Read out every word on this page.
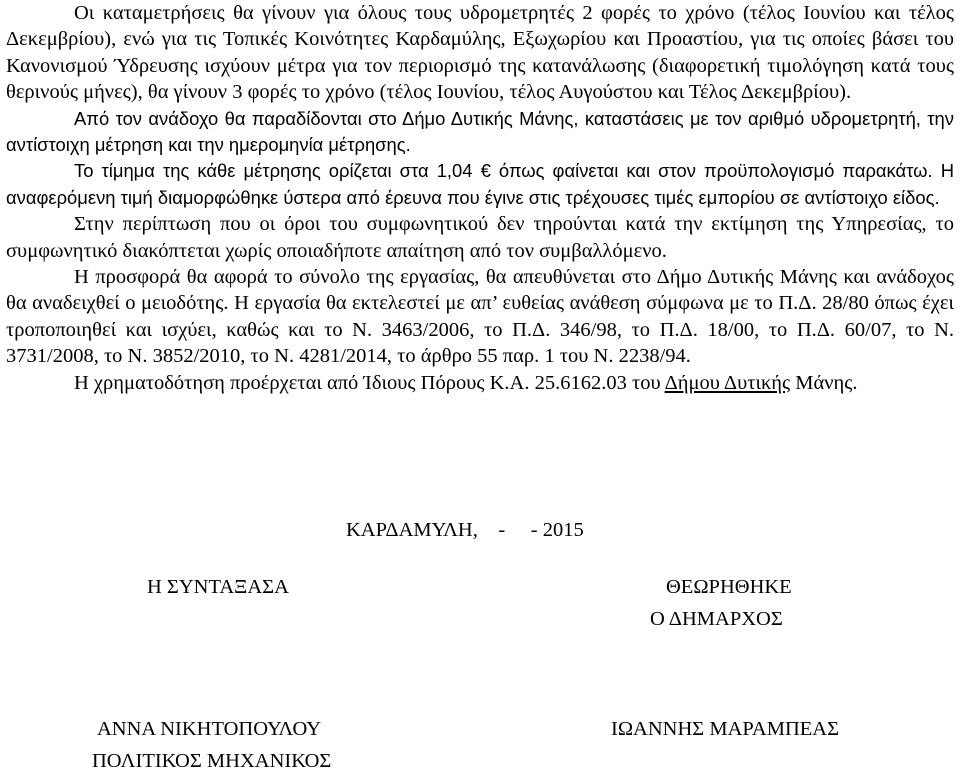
Οι καταμετρήσεις θα γίνουν για όλους τους υδρομετρητές 2 φορές το χρόνο (τέλος Ιουνίου και τέλος Δεκεμβρίου), ενώ για τις Τοπικές Κοινότητες Καρδαμύλης, Εξωχωρίου και Προαστίου, για τις οποίες βάσει του Κανονισμού Ύδρευσης ισχύουν μέτρα για τον περιορισμό της κατανάλωσης (διαφορετική τιμολόγηση κατά τους θερινούς μήνες), θα γίνουν 3 φορές το χρόνο (τέλος Ιουνίου, τέλος Αυγούστου και Τέλος Δεκεμβρίου).

Από τον ανάδοχο θα παραδίδονται στο Δήμο Δυτικής Μάνης, καταστάσεις με τον αριθμό υδρομετρητή, την αντίστοιχη μέτρηση και την ημερομηνία μέτρησης.

Το τίμημα της κάθε μέτρησης ορίζεται στα 1,04 € όπως φαίνεται και στον προϋπολογισμό παρακάτω. Η αναφερόμενη τιμή διαμορφώθηκε ύστερα από έρευνα που έγινε στις τρέχουσες τιμές εμπορίου σε αντίστοιχο είδος.

Στην περίπτωση που οι όροι του συμφωνητικού δεν τηρούνται κατά την εκτίμηση της Υπηρεσίας, το συμφωνητικό διακόπτεται χωρίς οποιαδήποτε απαίτηση από τον συμβαλλόμενο.

Η προσφορά θα αφορά το σύνολο της εργασίας, θα απευθύνεται στο Δήμο Δυτικής Μάνης και ανάδοχος θα αναδειχθεί ο μειοδότης. Η εργασία θα εκτελεστεί με απ’ ευθείας ανάθεση σύμφωνα με το Π.Δ. 28/80 όπως έχει τροποποιηθεί και ισχύει, καθώς και το Ν. 3463/2006, το Π.Δ. 346/98, το Π.Δ. 18/00, το Π.Δ. 60/07, το Ν. 3731/2008, το Ν. 3852/2010, το Ν. 4281/2014, το άρθρο 55 παρ. 1 του Ν. 2238/94.

Η χρηματοδότηση προέρχεται από Ίδιους Πόρους Κ.Α. 25.6162.03 του Δήμου Δυτικής Μάνης.

ΚΑΡΔΑΜΥΛΗ,    -     - 2015
Η ΣΥΝΤΑΞΑΣΑ	ΘΕΩΡΗΘΗΚΕ
Ο ΔΗΜΑΡΧΟΣ
ΑΝΝΑ ΝΙΚΗΤΟΠΟΥΛΟΥ
ΠΟΛΙΤΙΚΟΣ ΜΗΧΑΝΙΚΟΣ
ΙΩΑΝΝΗΣ ΜΑΡΑΜΠΕΑΣ
